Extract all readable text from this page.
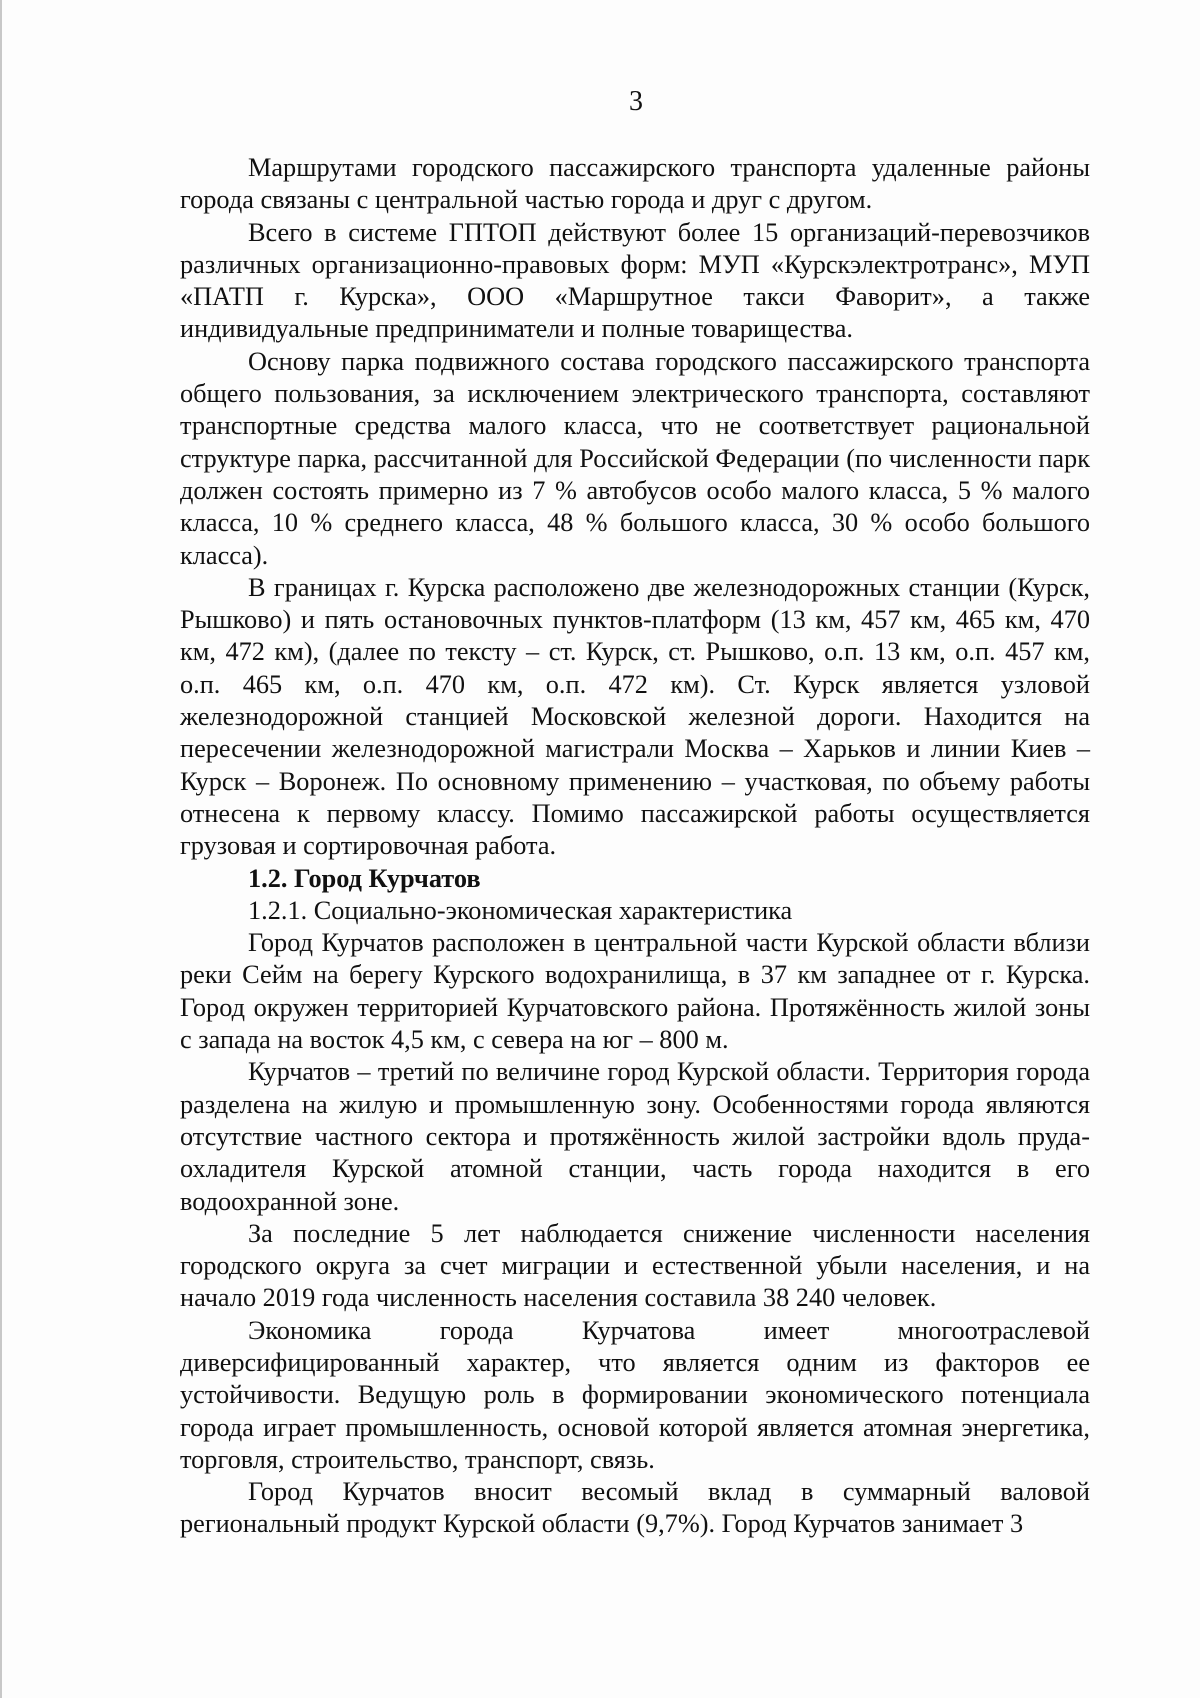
3

Маршрутами городского пассажирского транспорта удаленные районы города связаны с центральной частью города и друг с другом.

Всего в системе ГПТОП действуют более 15 организаций-перевозчиков различных организационно-правовых форм: МУП «Курскэлектротранс», МУП «ПАТП г. Курска», ООО «Маршрутное такси Фаворит», а также индивидуальные предприниматели и полные товарищества.

Основу парка подвижного состава городского пассажирского транспорта общего пользования, за исключением электрического транспорта, составляют транспортные средства малого класса, что не соответствует рациональной структуре парка, рассчитанной для Российской Федерации (по численности парк должен состоять примерно из 7 % автобусов особо малого класса, 5 % малого класса, 10 % среднего класса, 48 % большого класса, 30 % особо большого класса).

В границах г. Курска расположено две железнодорожных станции (Курск, Рышково) и пять остановочных пунктов-платформ (13 км, 457 км, 465 км, 470 км, 472 км), (далее по тексту – ст. Курск, ст. Рышково, о.п. 13 км, о.п. 457 км, о.п. 465 км, о.п. 470 км, о.п. 472 км). Ст. Курск является узловой железнодорожной станцией Московской железной дороги. Находится на пересечении железнодорожной магистрали Москва – Харьков и линии Киев – Курск – Воронеж. По основному применению – участковая, по объему работы отнесена к первому классу. Помимо пассажирской работы осуществляется грузовая и сортировочная работа.

1.2. Город Курчатов

1.2.1. Социально-экономическая характеристика

Город Курчатов расположен в центральной части Курской области вблизи реки Сейм на берегу Курского водохранилища, в 37 км западнее от г. Курска. Город окружен территорией Курчатовского района. Протяжённость жилой зоны с запада на восток 4,5 км, с севера на юг – 800 м.

Курчатов – третий по величине город Курской области. Территория города разделена на жилую и промышленную зону. Особенностями города являются отсутствие частного сектора и протяжённость жилой застройки вдоль пруда-охладителя Курской атомной станции, часть города находится в его водоохранной зоне.

За последние 5 лет наблюдается снижение численности населения городского округа за счет миграции и естественной убыли населения, и на начало 2019 года численность населения составила 38 240 человек.

Экономика города Курчатова имеет многоотраслевой диверсифицированный характер, что является одним из факторов ее устойчивости. Ведущую роль в формировании экономического потенциала города играет промышленность, основой которой является атомная энергетика, торговля, строительство, транспорт, связь.

Город Курчатов вносит весомый вклад в суммарный валовой региональный продукт Курской области (9,7%). Город Курчатов занимает 3
